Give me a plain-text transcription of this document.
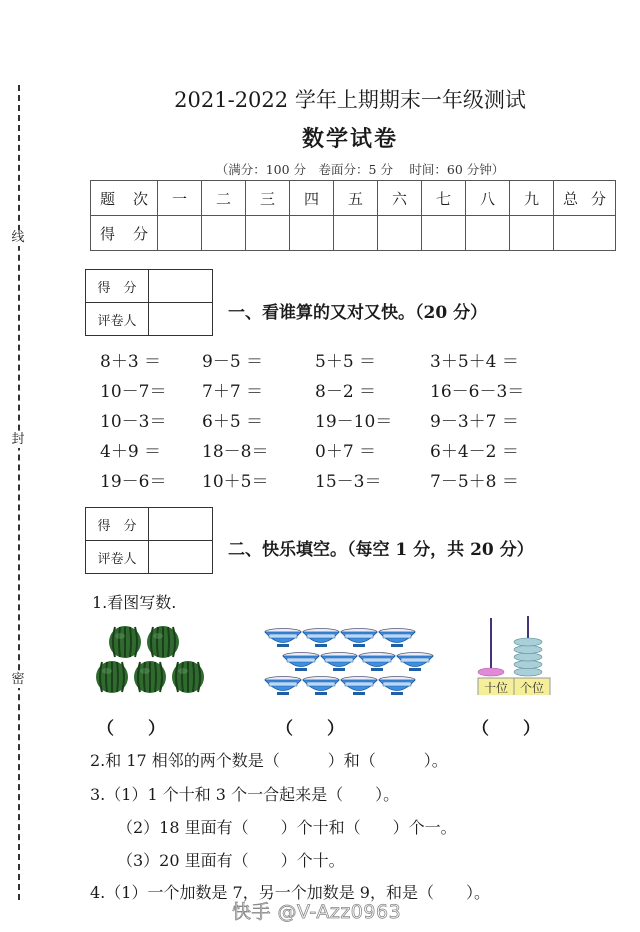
线
封
密
2021-2022 学年上期期末一年级测试
数学试卷
（满分：100 分　卷面分：5 分　 时间：60 分钟）
题 次	一	二	三	四	五	六	七	八	九	总 分

得 分										

得　 分	
评卷人		一、看谁算的又对又快。（20 分）
8＋3 ＝ 9－5 ＝	5＋5 ＝	3＋5＋4 ＝
10－7＝ 7＋7 ＝	8－2 ＝	16－6－3＝
10－3＝ 6＋5 ＝	19－10＝ 9－3＋7 ＝
4＋9 ＝ 18－8＝	0＋7 ＝	6＋4－2 ＝
19－6＝ 10＋5＝	15－3＝	7－5＋8 ＝
得　 分	
评卷人		二、快乐填空。（每空 1 分，共 20 分）
1.看图写数.
十位 个位
（　　）	（　　）	（　　）
2.和 17 相邻的两个数是（　　　）和（　　　）。
3.（1）1 个十和 3 个一合起来是（　　）。
（2）18 里面有（　　）个十和（　　）个一。
（3）20 里面有（　　）个十。
4.（1）一个加数是 7，另一个加数是 9，和是（　　）。
快手 @V-Azz0963
